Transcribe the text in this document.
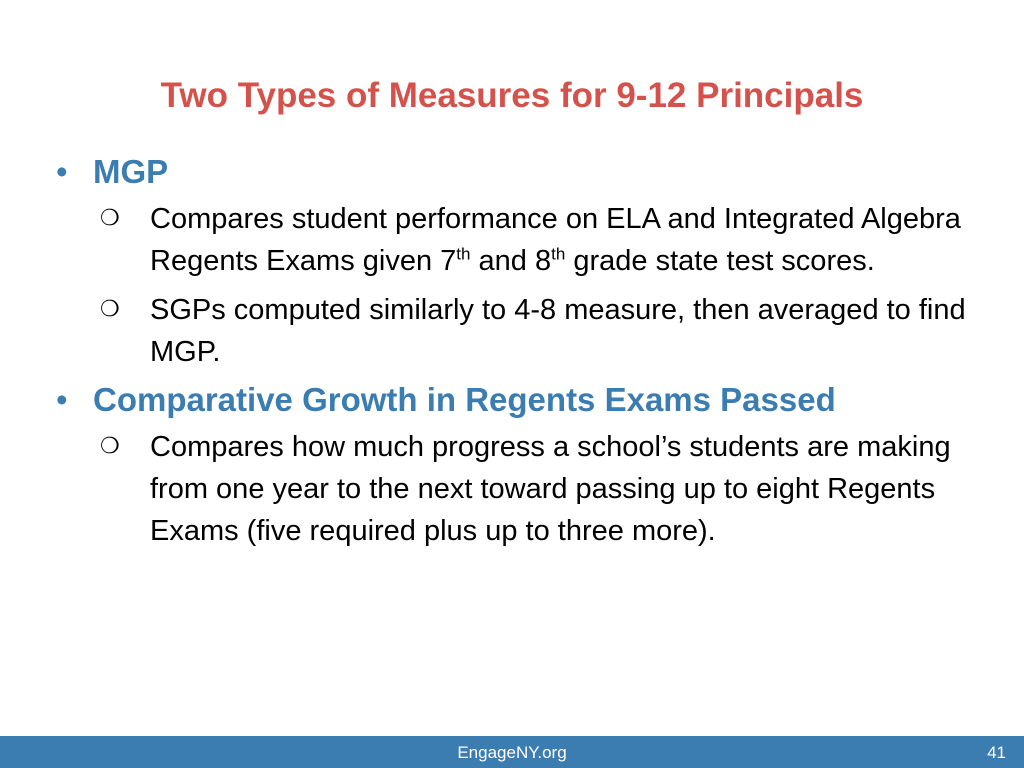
Two Types of Measures for 9-12 Principals
• MGP
❍ Compares student performance on ELA and Integrated Algebra Regents Exams given 7th and 8th grade state test scores.
❍ SGPs computed similarly to 4-8 measure, then averaged to find MGP.
• Comparative Growth in Regents Exams Passed
❍ Compares how much progress a school’s students are making from one year to the next toward passing up to eight Regents Exams (five required plus up to three more).
EngageNY.org	41
